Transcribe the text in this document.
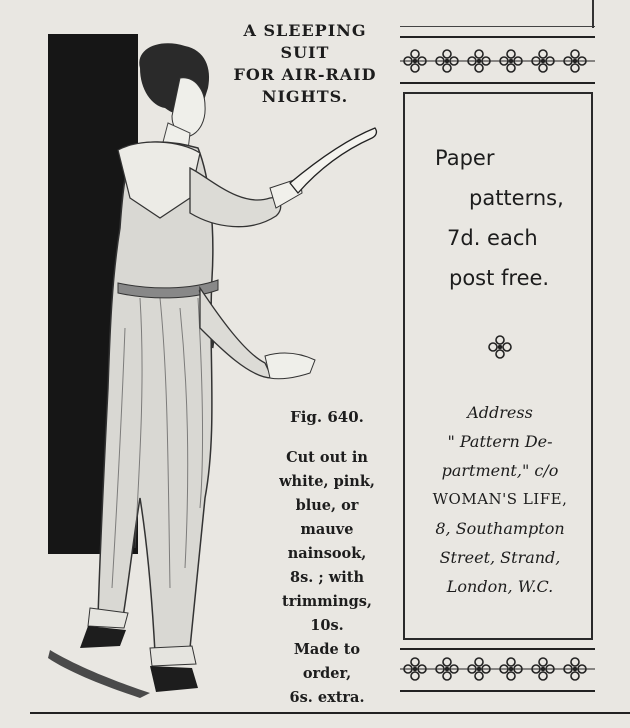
A SLEEPING
SUIT
FOR AIR-RAID
NIGHTS.
Fig. 640.
Cut out in
white, pink,
blue, or
mauve
nainsook,
8s. ; with
trimmings,
10s.
Made to
order,
6s. extra.
Paper
patterns,
7d. each
post free.
Address
" Pattern De-
partment," c/o
WOMAN'S LIFE,
8, Southampton
Street, Strand,
London, W.C.
